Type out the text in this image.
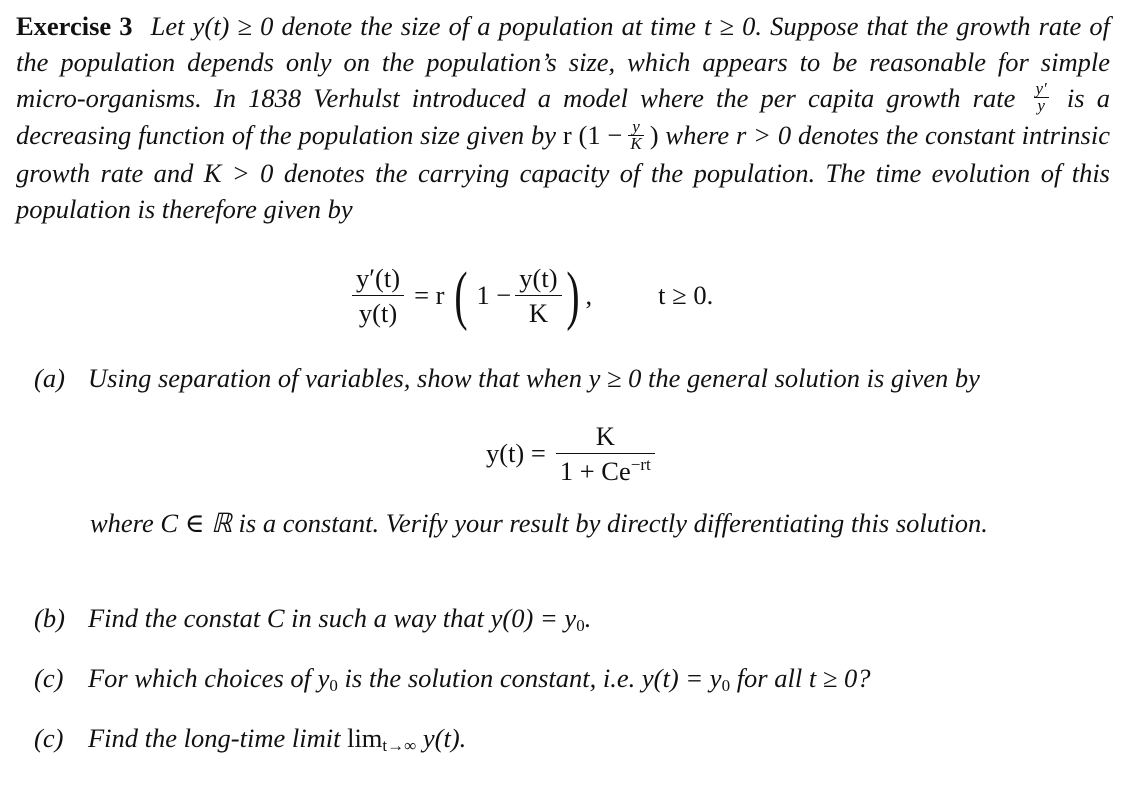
Exercise 3 Let y(t) ≥ 0 denote the size of a population at time t ≥ 0. Suppose that the growth rate of the population depends only on the population’s size, which appears to be reasonable for simple micro-organisms. In 1838 Verhulst introduced a model where the per capita growth rate $\frac{y'}{y}$ is a decreasing function of the population size given by r ($1 - \frac{y}{K}$ ) where r > 0 denotes the constant intrinsic growth rate and K > 0 denotes the carrying capacity of the population. The time evolution of this population is therefore given by

$\frac{y'(t)}{y(t)} = r$ ( $1 - \frac{y(t)}{K}$ ) , t ≥ 0.
(a) Using separation of variables, show that when y ≥ 0 the general solution is given by
$y(t) = \frac{K}{1 + Ce^{-rt}}$
where C ∈ ℝ is a constant. Verify your result by directly differentiating this solution.
(b) Find the constat C in such a way that $y(0) = y_0$.
(c) For which choices of $y_0$ is the solution constant, i.e. $y(t) = y_0$ for all t ≥ 0?
(c) Find the long-time limit $\lim_{t\to\infty} y(t)$.
